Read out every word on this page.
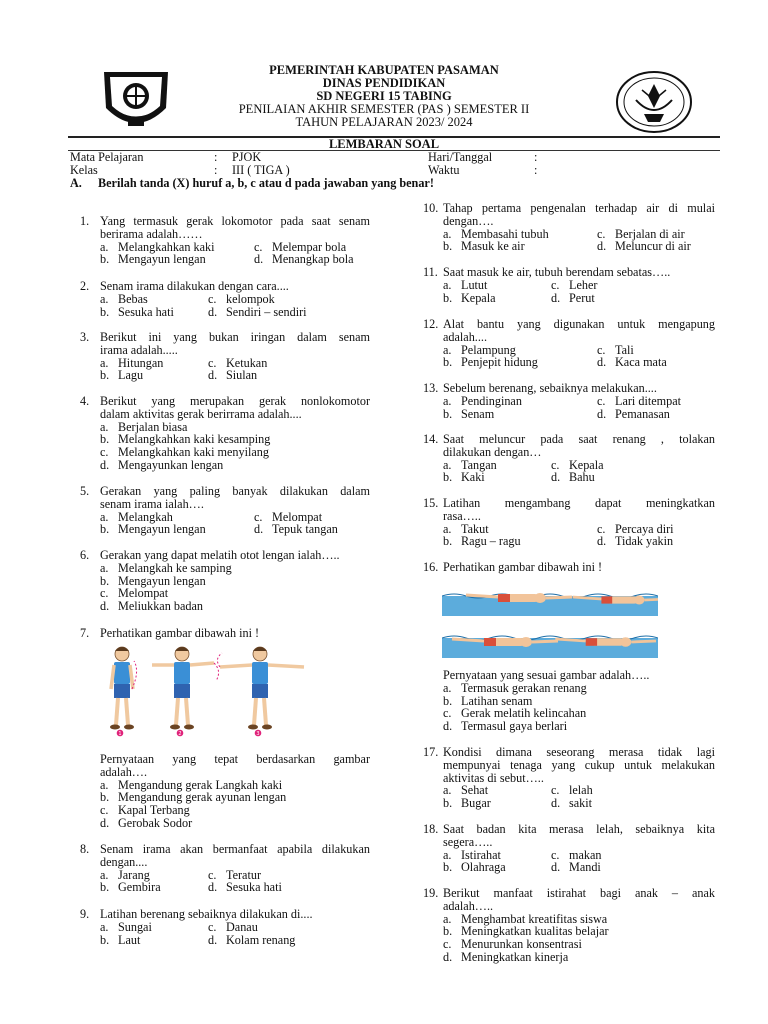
PEMERINTAH KABUPATEN PASAMAN
DINAS PENDIDIKAN
SD NEGERI 15 TABING
PENILAIAN AKHIR SEMESTER (PAS ) SEMESTER II
TAHUN PELAJARAN 2023/ 2024
LEMBARAN SOAL
Mata Pelajaran	: PJOK	Hari/Tanggal	:
Kelas	: III ( TIGA )	Waktu	:
A. Berilah tanda (X) huruf a, b, c atau d pada jawaban yang benar!
1. Yang termasuk gerak lokomotor pada saat senam
berirama adalah……
a. Melangkahkan kaki	c. Melempar bola
b. Mengayun lengan	d. Menangkap bola
2. Senam irama dilakukan dengan cara....
a. Bebas	c. kelompok
b. Sesuka hati	d. Sendiri – sendiri
3. Berikut ini yang bukan iringan dalam senam
irama adalah.....
a. Hitungan	c. Ketukan
b. Lagu	d. Siulan
4. Berikut yang merupakan gerak nonlokomotor
dalam aktivitas gerak berirrama adalah....
a. Berjalan biasa
b. Melangkahkan kaki kesamping
c. Melangkahkan kaki menyilang
d. Mengayunkan lengan
5. Gerakan yang paling banyak dilakukan dalam
senam irama ialah….
a. Melangkah	c. Melompat
b. Mengayun lengan	d. Tepuk tangan
6. Gerakan yang dapat melatih otot lengan ialah…..
a. Melangkah ke samping
b. Mengayun lengan
c. Melompat
d. Meliukkan badan
7. Perhatikan gambar dibawah ini !
Pernyataan yang tepat berdasarkan gambar
adalah….
a. Mengandung gerak Langkah kaki
b. Mengandung gerak ayunan lengan
c. Kapal Terbang
d. Gerobak Sodor
8. Senam irama akan bermanfaat apabila dilakukan
dengan....
a. Jarang	c. Teratur
b. Gembira	d. Sesuka hati
9. Latihan berenang sebaiknya dilakukan di....
a. Sungai	c. Danau
b. Laut	d. Kolam renang
10. Tahap pertama pengenalan terhadap air di mulai
dengan….
a. Membasahi tubuh	c. Berjalan di air
b. Masuk ke air	d. Meluncur di air
11. Saat masuk ke air, tubuh berendam sebatas…..
a. Lutut	c. Leher
b. Kepala	d. Perut
12. Alat bantu yang digunakan untuk mengapung
adalah....
a. Pelampung	c. Tali
b. Penjepit hidung	d. Kaca mata
13. Sebelum berenang, sebaiknya melakukan....
a. Pendinginan	c. Lari ditempat
b. Senam	d. Pemanasan
14. Saat meluncur pada saat renang , tolakan
dilakukan dengan…
a. Tangan	c. Kepala
b. Kaki	d. Bahu
15. Latihan mengambang dapat meningkatkan
rasa…..
a. Takut	c. Percaya diri
b. Ragu – ragu	d. Tidak yakin
16. Perhatikan gambar dibawah ini !
Pernyataan yang sesuai gambar adalah…..
a. Termasuk gerakan renang
b. Latihan senam
c. Gerak melatih kelincahan
d. Termasul gaya berlari
17. Kondisi dimana seseorang merasa tidak lagi
mempunyai tenaga yang cukup untuk melakukan
aktivitas di sebut…..
a. Sehat	c. lelah
b. Bugar	d. sakit
18. Saat badan kita merasa lelah, sebaiknya kita
segera…..
a. Istirahat	c. makan
b. Olahraga	d. Mandi
19. Berikut manfaat istirahat bagi anak – anak
adalah…..
a. Menghambat kreatifitas siswa
b. Meningkatkan kualitas belajar
c. Menurunkan konsentrasi
d. Meningkatkan kinerja
1	2	3
